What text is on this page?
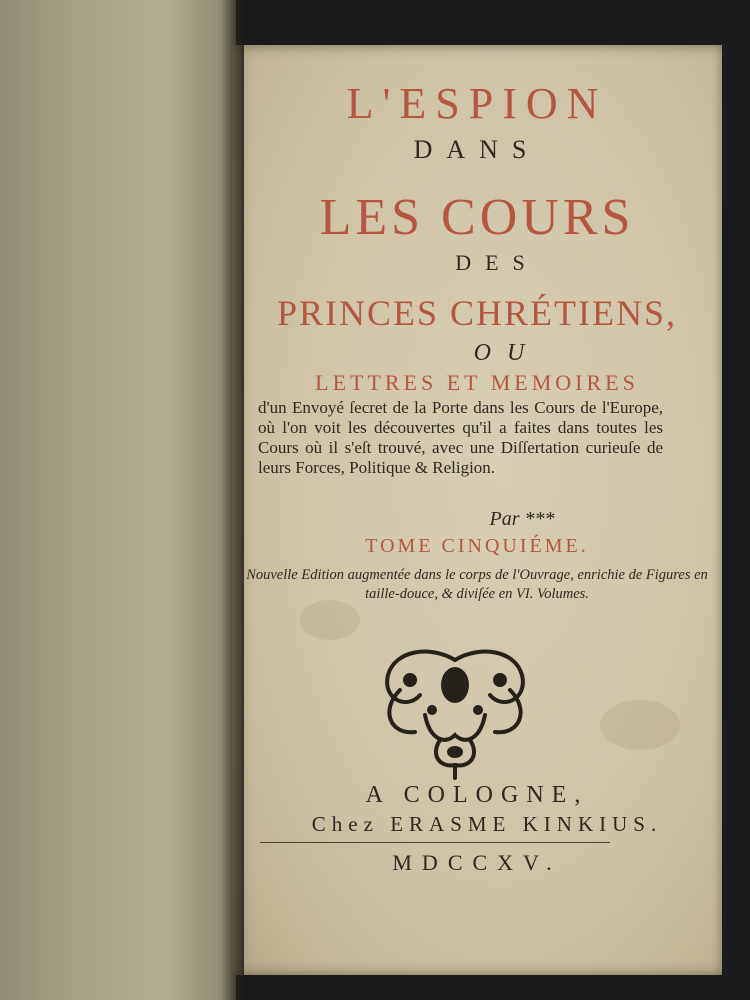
L'ESPION
DANS
LES COURS
DES
PRINCES CHRÉTIENS,
OU
LETTRES ET MEMOIRES
d'un Envoyé ſecret de la Porte dans les Cours de l'Europe, où l'on voit les découvertes qu'il a faites dans toutes les Cours où il s'eſt trouvé, avec une Diſſertation curieuſe de leurs Forces, Politique & Religion.
Par ***
TOME CINQUIÉME.
Nouvelle Edition augmentée dans le corps de l'Ouvrage, enrichie de Figures en taille-douce, & diviſée en VI. Volumes.
A COLOGNE,
Chez ERASME KINKIUS.
MDCCXV.
